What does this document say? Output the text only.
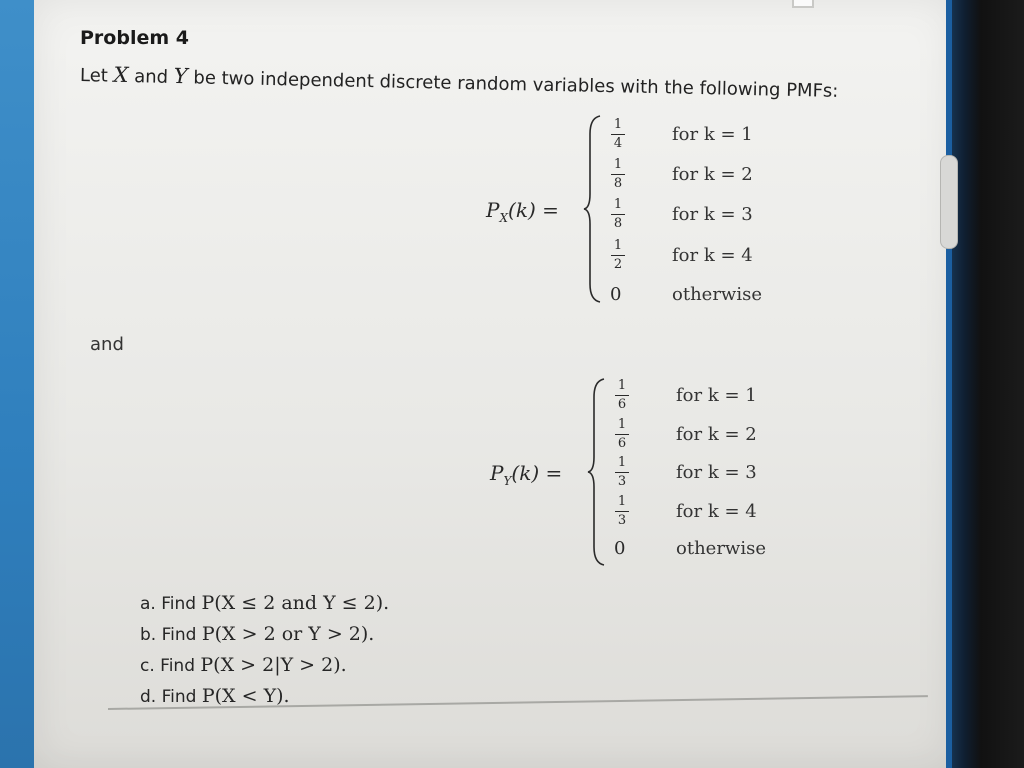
Problem 4
Let X and Y be two independent discrete random variables with the following PMFs:
$P_X(k)$ =
1
4	for k = 1
1
8	for k = 2
1
8	for k = 3
1
2	for k = 4
0	otherwise
and
$P_Y(k)$ =
1
6	for k = 1
1
6	for k = 2
1
3	for k = 3
1
3	for k = 4
0	otherwise
a. Find P(X ≤ 2 and Y ≤ 2).
b. Find P(X > 2 or Y > 2).
c. Find P(X > 2|Y > 2).
d. Find P(X < Y).
